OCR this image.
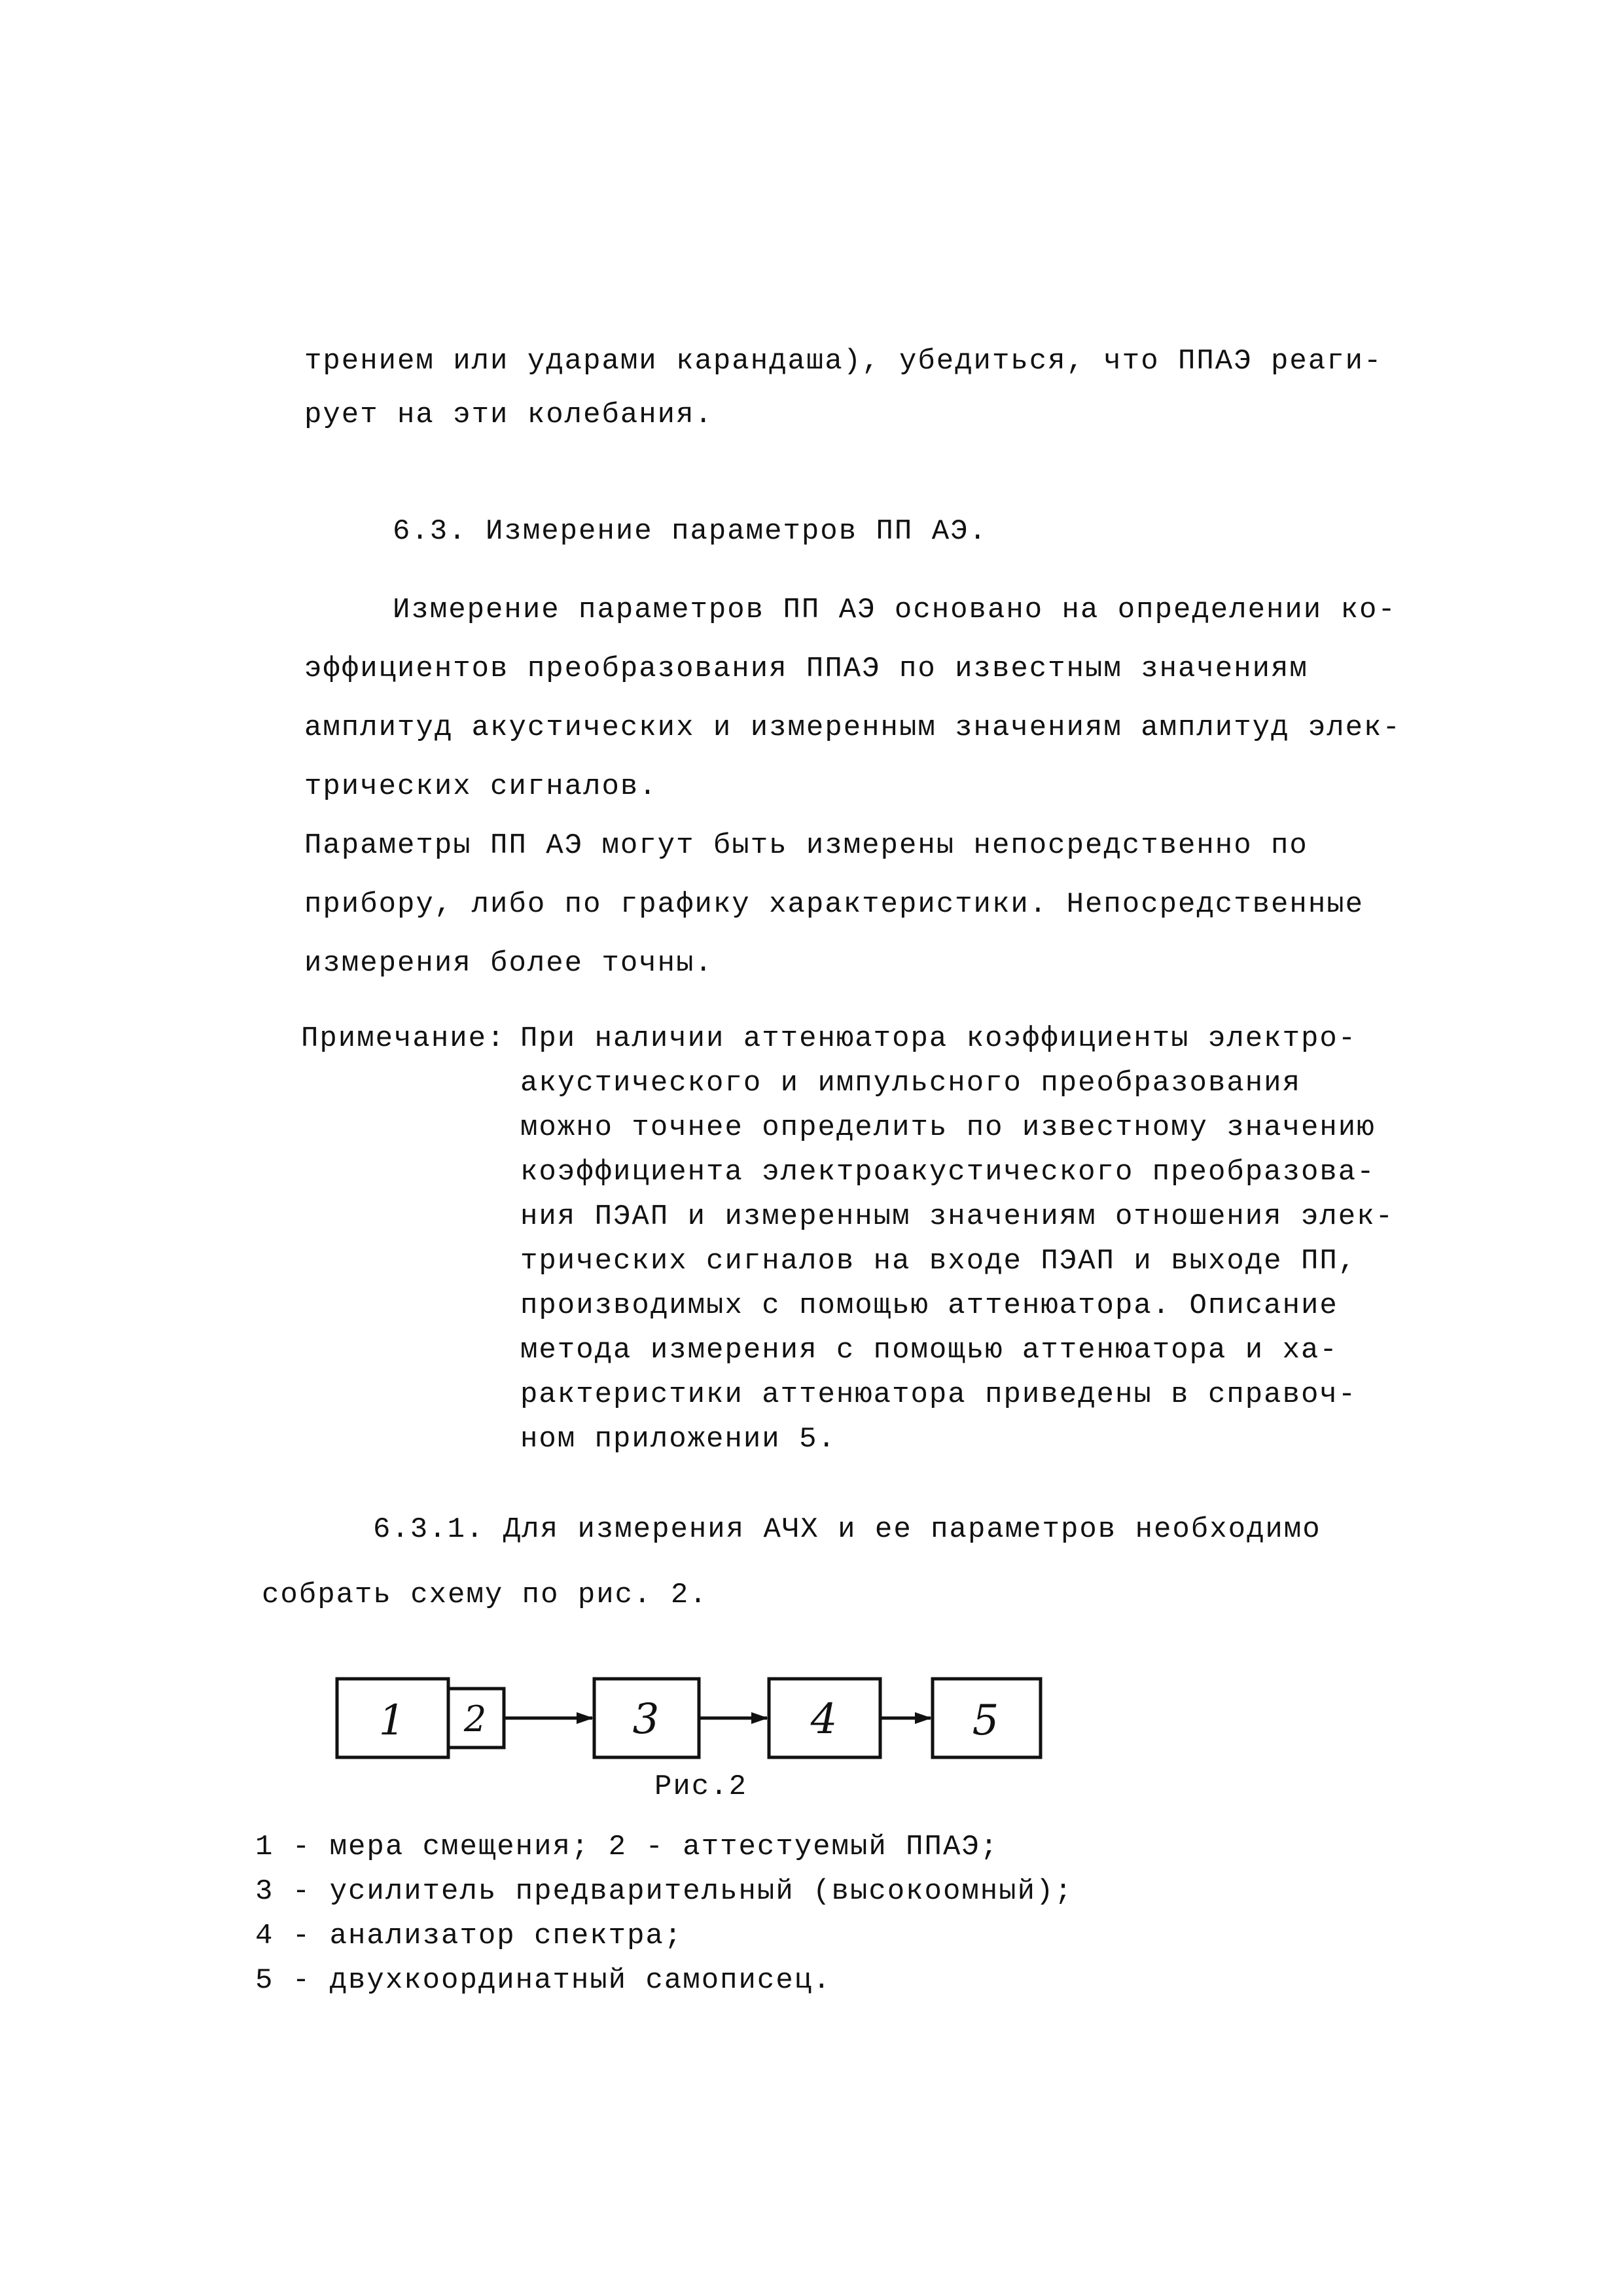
трением или ударами карандаша), убедиться, что ППАЭ реаги-
рует на эти колебания.
6.3. Измерение параметров ПП АЭ.
Измерение параметров ПП АЭ основано на определении ко-
эффициентов преобразования ППАЭ по известным значениям
амплитуд акустических и измеренным значениям амплитуд элек-
трических сигналов.
Параметры ПП АЭ могут быть измерены непосредственно по
прибору, либо по графику характеристики. Непосредственные
измерения более точны.
Примечание: При наличии аттенюатора коэффициенты электро-
акустического и импульсного преобразования
можно точнее определить по известному значению
коэффициента электроакустического преобразова-
ния ПЭАП и измеренным значениям отношения элек-
трических сигналов на входе ПЭАП и выходе ПП,
производимых с помощью аттенюатора. Описание
метода измерения с помощью аттенюатора и ха-
рактеристики аттенюатора приведены в справоч-
ном приложении 5.
6.3.1. Для измерения АЧХ и ее параметров необходимо
собрать схему по рис. 2.
1 2	3	4	5
Рис.2
1 - мера смещения; 2 - аттестуемый ППАЭ;
3 - усилитель предварительный (высокоомный);
4 - анализатор спектра;
5 - двухкоординатный самописец.
